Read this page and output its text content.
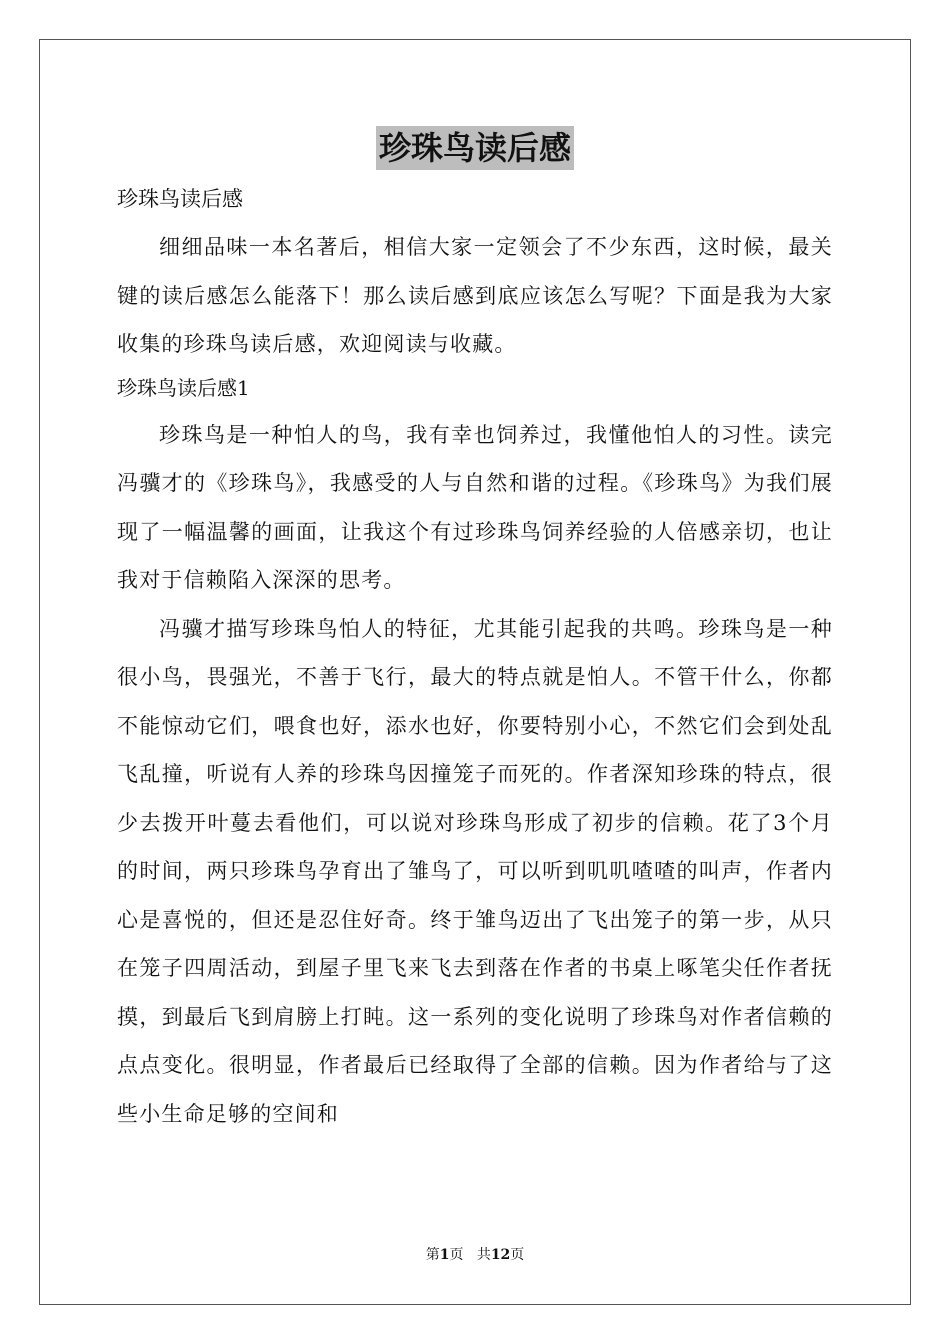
珍珠鸟读后感
珍珠鸟读后感

细细品味一本名著后，相信大家一定领会了不少东西，这时候，最关键的读后感怎么能落下！那么读后感到底应该怎么写呢？下面是我为大家收集的珍珠鸟读后感，欢迎阅读与收藏。

珍珠鸟读后感1

珍珠鸟是一种怕人的鸟，我有幸也饲养过，我懂他怕人的习性。读完冯骥才的《珍珠鸟》，我感受的人与自然和谐的过程。《珍珠鸟》为我们展现了一幅温馨的画面，让我这个有过珍珠鸟饲养经验的人倍感亲切，也让我对于信赖陷入深深的思考。

冯骥才描写珍珠鸟怕人的特征，尤其能引起我的共鸣。珍珠鸟是一种很小鸟，畏强光，不善于飞行，最大的特点就是怕人。不管干什么，你都不能惊动它们，喂食也好，添水也好，你要特别小心，不然它们会到处乱飞乱撞，听说有人养的珍珠鸟因撞笼子而死的。作者深知珍珠的特点，很少去拨开叶蔓去看他们，可以说对珍珠鸟形成了初步的信赖。花了3个月的时间，两只珍珠鸟孕育出了雏鸟了，可以听到叽叽喳喳的叫声，作者内心是喜悦的，但还是忍住好奇。终于雏鸟迈出了飞出笼子的第一步，从只在笼子四周活动，到屋子里飞来飞去到落在作者的书桌上啄笔尖任作者抚摸，到最后飞到肩膀上打盹。这一系列的变化说明了珍珠鸟对作者信赖的点点变化。很明显，作者最后已经取得了全部的信赖。因为作者给与了这些小生命足够的空间和

第1页 共12页
